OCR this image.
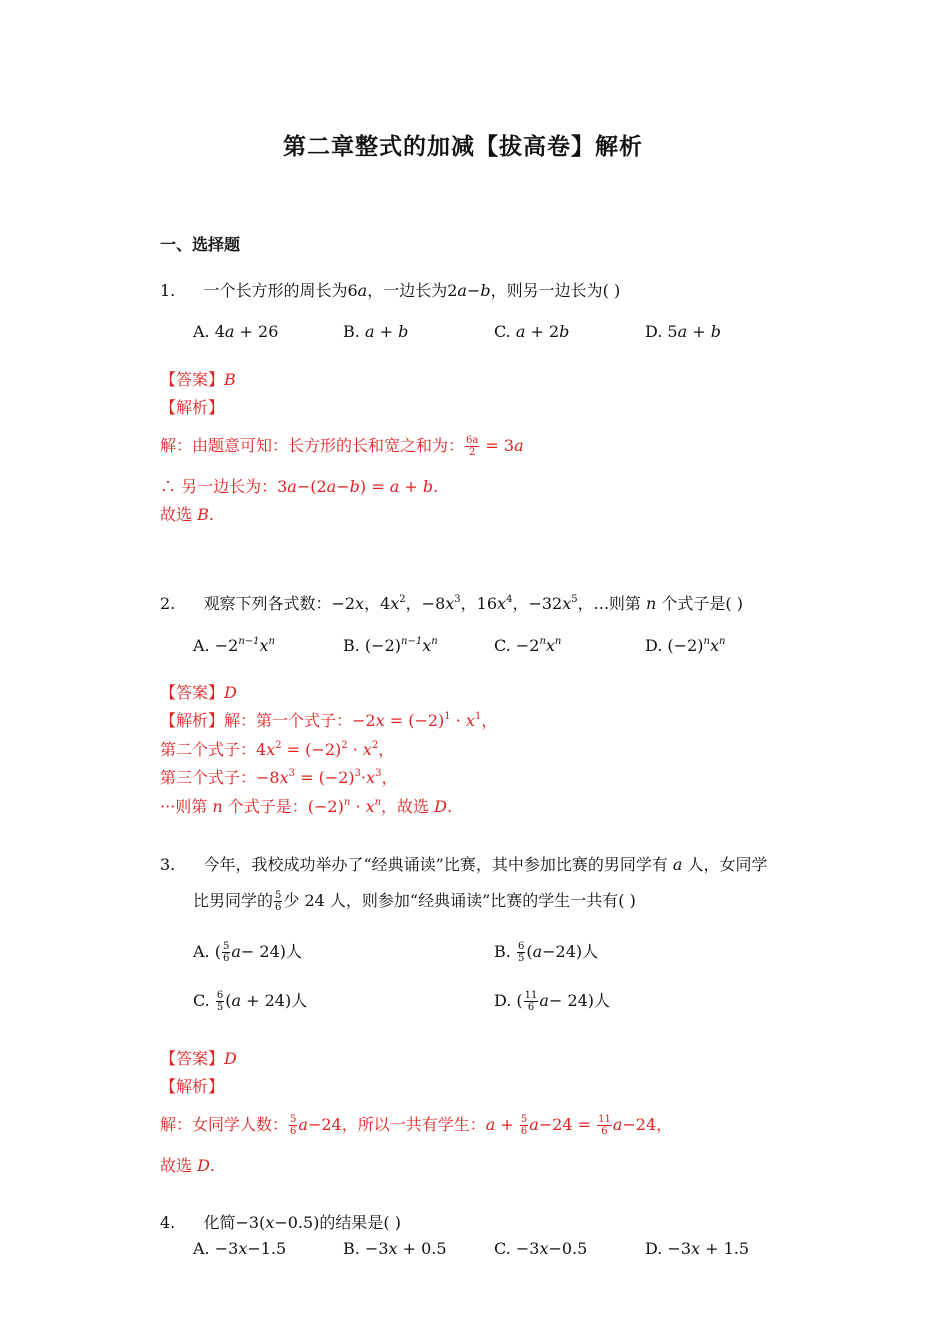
第二章整式的加减【拔高卷】解析
一、选择题
1. 一个长方形的周长为6a，一边长为2a−b，则另一边长为( )
A. 4a + 26	B. a + b	C. a + 2b	D. 5a + b
【答案】B
【解析】
解：由题意可知：长方形的长和宽之和为： $\frac{6a}{2} = 3a$
∴ 另一边长为：3a−(2a−b) = a + b.
故选 B.
2. 观察下列各式数：−2x，$4x^2$，$-8x^3$，$16x^4$，$-32x^5$，...则第 n 个式子是( )
A. $-2^{n-1}x^n$	B. $(-2)^{n-1}x^n$	C. $-2^nx^n$	D. $(-2)^nx^n$
【答案】D
【解析】解：第一个式子：$-2x = (-2)^1 \cdot x^1$，
第二个式子：$4x^2 = (-2)^2 \cdot x^2$，
第三个式子：$-8x^3 = (-2)^3\cdot x^3$，
···则第 n 个式子是：$(-2)^n \cdot x^n$，故选 D.
3. 今年，我校成功举办了“经典诵读”比赛，其中参加比赛的男同学有 a 人，女同学
比男同学的 $\frac{5}{6}$ 少 24 人，则参加“经典诵读”比赛的学生一共有( )
A. ( $\frac{5}{6} a- 24$)人	B. $\frac{6}{5} (a-24)$人
C. $\frac{6}{5} (a + 24)$人	D. ( $\frac{11}{6} a- 24$)人
【答案】D
【解析】
解：女同学人数： $\frac{5}{6} a-24$，所以一共有学生：$a + \frac{5}{6} a-24 = \frac{11}{6} a-24$，
故选 D.
4. 化简−3(x−0.5)的结果是( )
A. −3x−1.5	B. −3x + 0.5	C. −3x−0.5	D. −3x + 1.5
